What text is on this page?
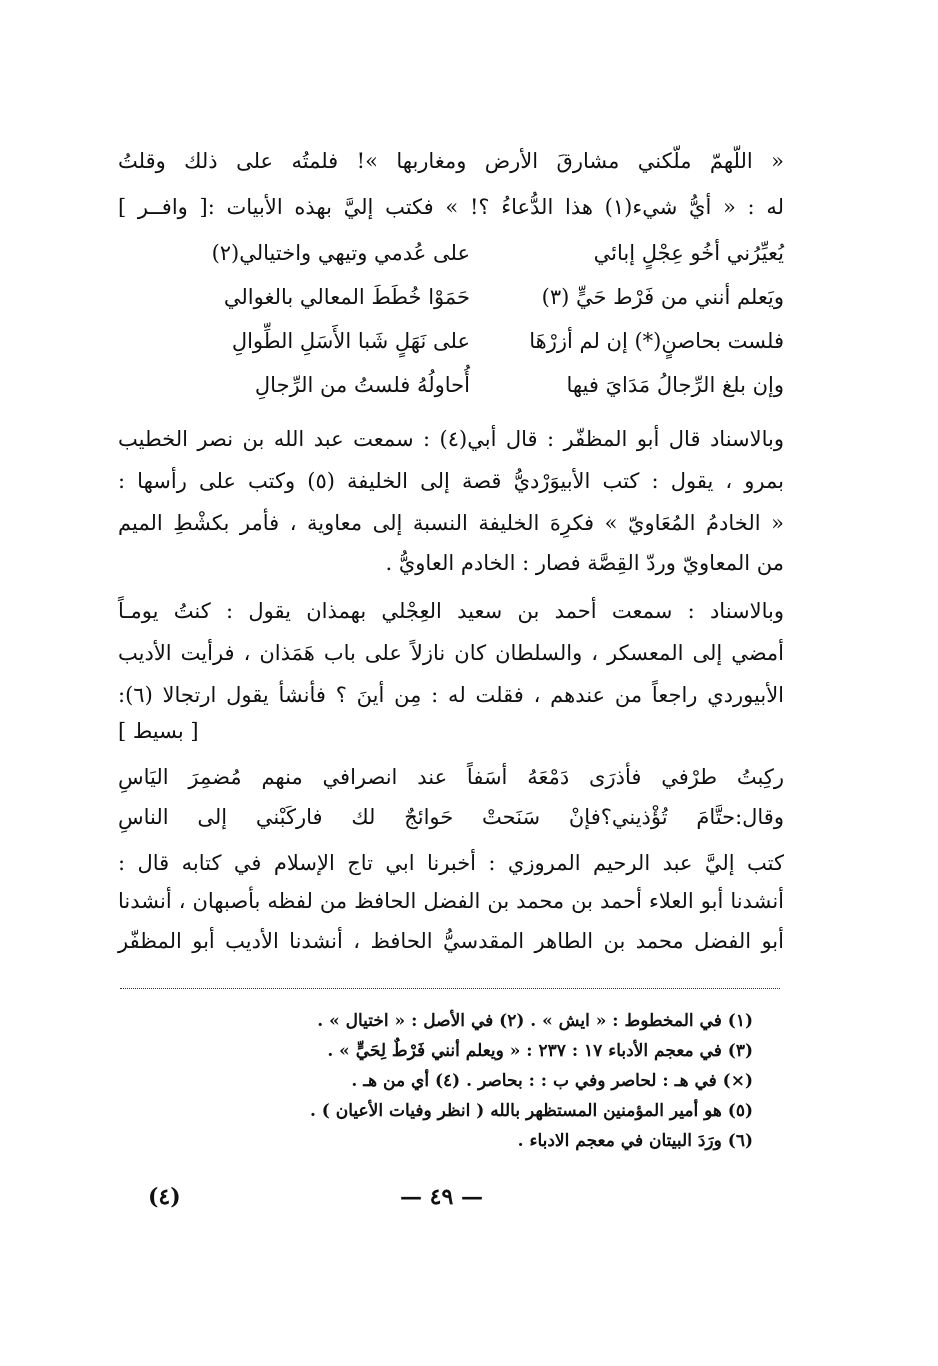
« اللّهمّ ملّكني مشارقَ الأرض ومغاربها »! فلمتُه على ذلك وقلتُ
له : « أيُّ شيء(١) هذا الدُّعاءُ ؟! » فكتب إليَّ بهذه الأبيات :[ وافــر ]
يُعيِّرُني أخُو عِجْلٍ إبائي
على عُدمي وتيهي واختيالي(٢)
ويَعلم أنني من فَرْط حَيٍّ (٣)
حَمَوْا خُطَطَ المعالي بالغوالي
فلست بحاصنٍ(*) إن لم أزرْهَا
على نَهَلٍ شَبا الأَسَلِ الطِّوالِ
وإن بلغ الرِّجالُ مَدَايَ فيها
أُحاولُهُ فلستُ من الرِّجالِ
وبالاسناد قال أبو المظفّر : قال أبي(٤) : سمعت عبد الله بن نصر الخطيب
بمرو ، يقول : كتب الأبيوَرْديُّ قصة إلى الخليفة (٥) وكتب على رأسها :
« الخادمُ المُعَاويّ » فكرِهَ الخليفة النسبة إلى معاوية ، فأمر بكشْطِ الميم
من المعاويّ وردّ القِصَّة فصار : الخادم العاويُّ .
وبالاسناد : سمعت أحمد بن سعيد العِجْلي بهمذان يقول : كنتُ يومـاً
أمضي إلى المعسكر ، والسلطان كان نازلاً على باب هَمَذان ، فرأيت الأديب
الأبيوردي راجعاً من عندهم ، فقلت له : مِن أينَ ؟ فأنشأ يقول ارتجالا (٦):
[ بسيط ]
ركِبتُ طرْفي فأذرَى دَمْعَهُ أسَفاً عند انصرافي منهم مُضمِرَ اليَاسِ
وقال:حتَّامَ تُؤْذيني؟فإنْ سَنَحتْ حَوائجٌ لك فاركَبْني إلى الناسِ
كتب إليَّ عبد الرحيم المروزي : أخبرنا ابي تاج الإسلام في كتابه قال :
أنشدنا أبو العلاء أحمد بن محمد بن الفضل الحافظ من لفظه بأصبهان ، أنشدنا
أبو الفضل محمد بن الطاهر المقدسيُّ الحافظ ، أنشدنا الأديب أبو المظفّر
(١) في المخطوط : « ايش » . (٢) في الأصل : « اختيال » .
(٣) في معجم الأدباء ١٧ : ٢٣٧ : « ويعلم أنني فَرْطٌ لِحَيٍّ » .
(×) في هـ : لحاصر وفي ب : : بحاصر . (٤) أي من هـ .
(٥) هو أمير المؤمنين المستظهر بالله ( انظر وفيات الأعيان ) .
(٦) ورَدَ البيتان في معجم الادباء .
— ٤٩ —
(٤)
